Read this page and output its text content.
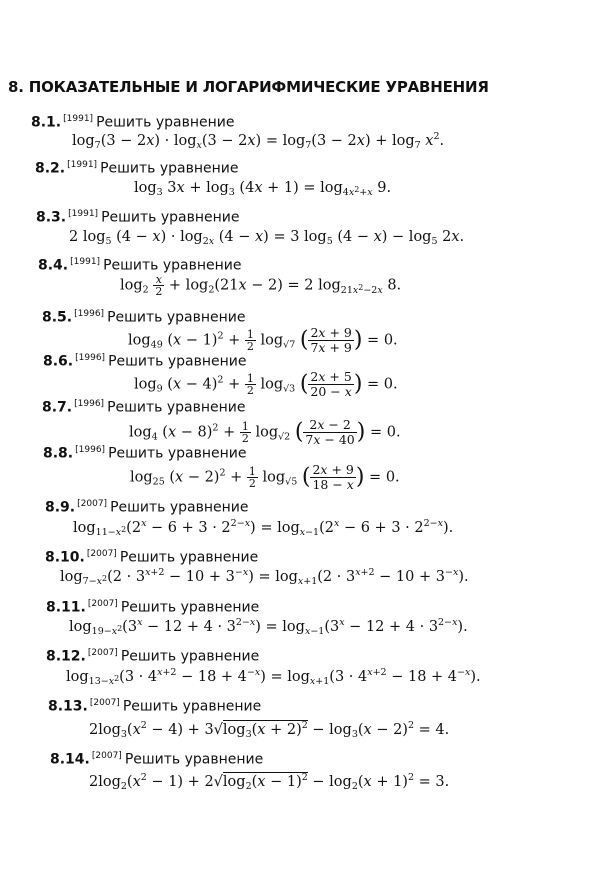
8. ПОКАЗАТЕЛЬНЫЕ И ЛОГАРИФМИЧЕСКИЕ УРАВНЕНИЯ
8.1. [1991] Решить уравнение
$\log_7(3 - 2x) \cdot \log_x(3 - 2x) = \log_7(3 - 2x) + \log_7 x^2$.
8.2. [1991] Решить уравнение
$\log_3 3x + \log_3 (4x + 1) = \log_{4x^2+x} 9$.
8.3. [1991] Решить уравнение
2 $\log_5 (4 - x) \cdot \log_{2x} (4 - x) = 3$ $\log_5 (4 - x) - \log_5 2x$.
8.4. [1991] Решить уравнение
$\log_2 \frac{x}{2} + \log_2(21x - 2) = 2$ $\log_{21x^2-2x} 8$.
8.5. [1996] Решить уравнение
$\log_{49} (x - 1)^2 + \frac{1}{2} \log_{√7}$ ( $\frac{2x + 9}{7x + 9}$ ) = 0.
8.6. [1996] Решить уравнение
$\log_9 (x - 4)^2 + \frac{1}{2} \log_{√3}$ ( $\frac{2x + 5}{20 - x}$ ) = 0.
8.7. [1996] Решить уравнение
$\log_4 (x - 8)^2 + \frac{1}{2} \log_{√2}$ ( $\frac{2x - 2}{7x - 40}$ ) = 0.
8.8. [1996] Решить уравнение
$\log_{25} (x - 2)^2 + \frac{1}{2} \log_{√5}$ ( $\frac{2x + 9}{18 - x}$ ) = 0.
8.9. [2007] Решить уравнение
$\log_{11-x^2}(2^x - 6 + 3 \cdot 2^{2-x}) = \log_{x-1}(2^x - 6 + 3 \cdot 2^{2-x})$.
8.10. [2007] Решить уравнение
$\log_{7-x^2}(2 \cdot 3^{x+2} - 10 + 3^{-x}) = \log_{x+1}(2 \cdot 3^{x+2} - 10 + 3^{-x})$.
8.11. [2007] Решить уравнение
$\log_{19-x^2}(3^x - 12 + 4 \cdot 3^{2-x}) = \log_{x-1}(3^x - 12 + 4 \cdot 3^{2-x})$.
8.12. [2007] Решить уравнение
$\log_{13-x^2}(3 \cdot 4^{x+2} - 18 + 4^{-x}) = \log_{x+1}(3 \cdot 4^{x+2} - 18 + 4^{-x})$.
8.13. [2007] Решить уравнение
$2\log_3(x^2 - 4) + 3√\log_3(x + 2)^2 - \log_3(x - 2)^2 = 4$.
8.14. [2007] Решить уравнение
$2\log_2(x^2 - 1) + 2√\log_2(x - 1)^2 - \log_2(x + 1)^2 = 3$.
